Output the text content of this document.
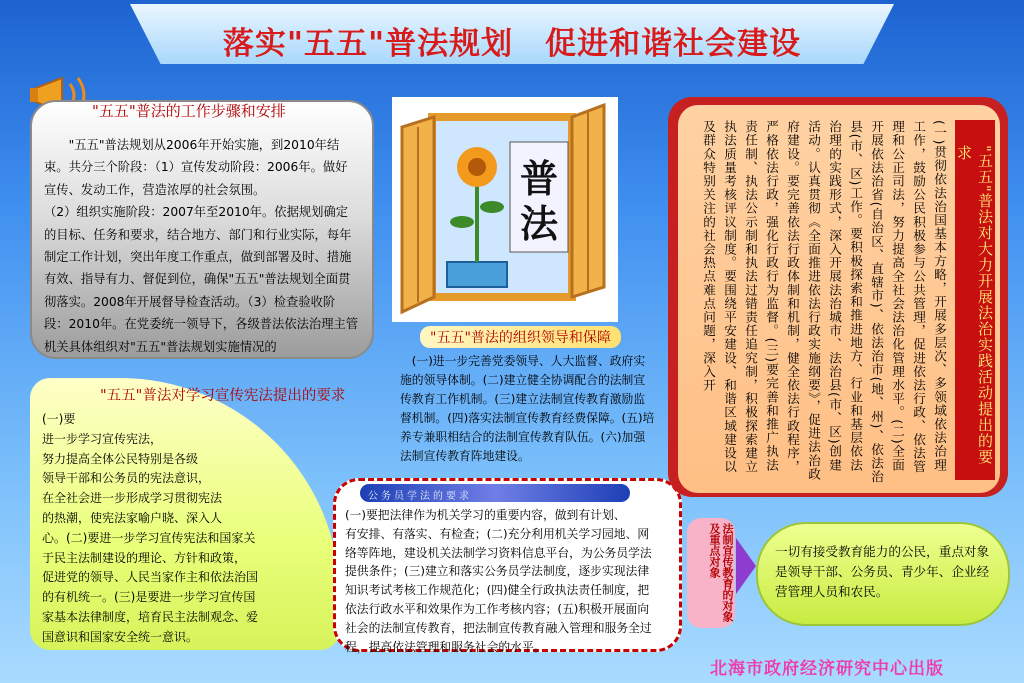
落实"五五"普法规划　促进和谐社会建设
"五五"普法的工作步骤和安排
"五五"普法规划从2006年开始实施，到2010年结束。共分三个阶段：（1）宣传发动阶段：2006年。做好宣传、发动工作，营造浓厚的社会氛围。
（2）组织实施阶段：2007年至2010年。依据规划确定的目标、任务和要求，结合地方、部门和行业实际，每年制定工作计划，突出年度工作重点，做到部署及时、措施有效、指导有力、督促到位，确保"五五"普法规划全面贯彻落实。2008年开展督导检查活动。（3）检查验收阶段：2010年。在党委统一领导下，各级普法依法治理主管机关具体组织对"五五"普法规划实施情况的
普
法
"五五"普法的组织领导和保障
(一)进一步完善党委领导、人大监督、政府实施的领导体制。(二)建立健全协调配合的法制宣传教育工作机制。(三)建立法制宣传教育激励监督机制。(四)落实法制宣传教育经费保障。(五)培养专兼职相结合的法制宣传教育队伍。(六)加强法制宣传教育阵地建设。
"五五"普法对学习宣传宪法提出的要求
(一)要
进一步学习宣传宪法，
努力提高全体公民特别是各级
领导干部和公务员的宪法意识，
在全社会进一步形成学习贯彻宪法
的热潮，使宪法家喻户晓、深入人
心。(二)要进一步学习宣传宪法和国家关
于民主法制建设的理论、方针和政策，
促进党的领导、人民当家作主和依法治国
的有机统一。(三)是要进一步学习宣传国
家基本法律制度，培育民主法制观念、爱
国意识和国家安全统一意识。
公务员学法的要求
(一)要把法律作为机关学习的重要内容，做到有计划、
有安排、有落实、有检查；(二)充分利用机关学习园地、网
络等阵地，建设机关法制学习资料信息平台，为公务员学法
提供条件；(三)建立和落实公务员学法制度，逐步实现法律
知识考试考核工作规范化；(四)健全行政执法责任制度，把
依法行政水平和效果作为工作考核内容；(五)积极开展面向
社会的法制宣传教育，把法制宣传教育融入管理和服务全过
程，提高依法管理和服务社会的水平。
(一)贯彻依法治国基本方略，开展多层次、多领域依法治理工作，鼓励公民积极参与公共管理，促进依法行政、依法管理和公正司法，努力提高全社会法治化管理水平。(二)全面开展依法治省(自治区、直辖市)、依法治市(地、州)、依法治县(市、区)工作。要积极探索和推进地方、行业和基层依法治理的实践形式，深入开展法治城市、法治县(市、区)创建活动。认真贯彻《全面推进依法行政实施纲要》，促进法治政府建设。要完善依法行政体制和机制，健全依法行政程序，严格依法行政，强化行政行为监督。(三)要完善和推广执法责任制、执法公示制和执法过错责任追究制，积极探索建立执法质量考核评议制度。要围绕平安建设、和谐区域建设以及群众特别关注的社会热点难点问题，深入开	"五五"普法对大力开展法治实践活动提出的要求
法制宣传教育的对象及重点对象	一切有接受教育能力的公民，重点对象是领导干部、公务员、青少年、企业经营管理人员和农民。
北海市政府经济研究中心出版
